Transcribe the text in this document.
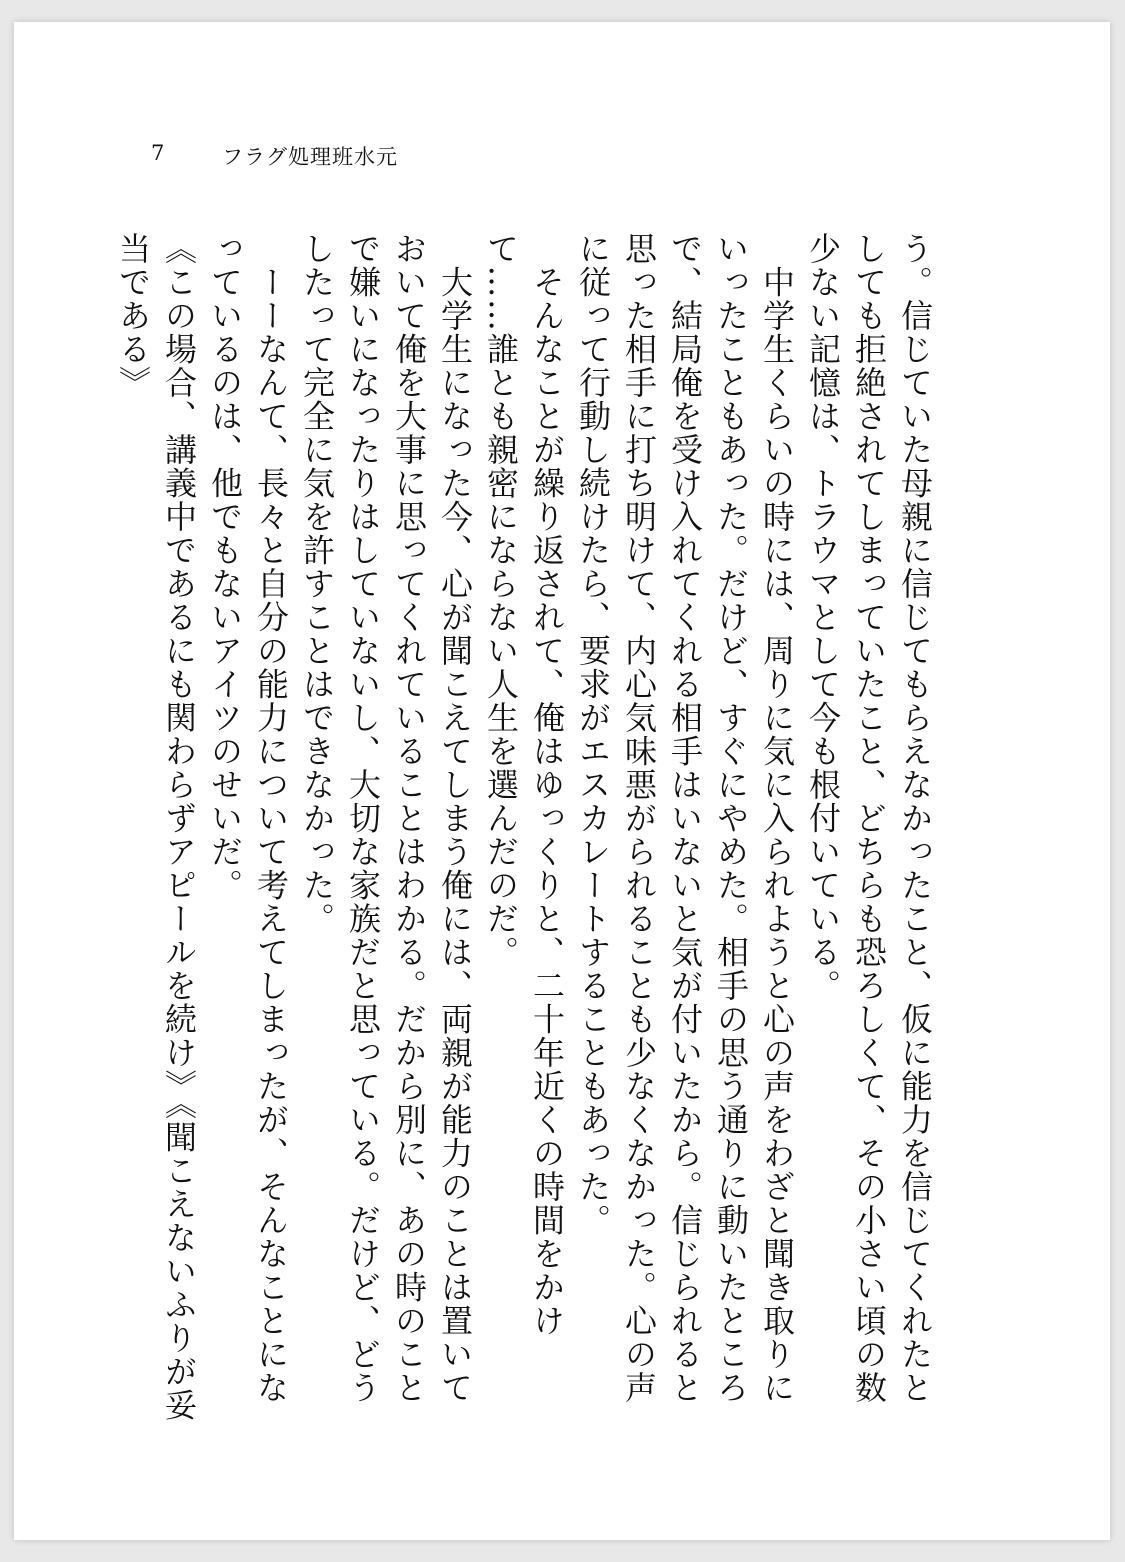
7	フラグ処理班水元

う。信じていた母親に信じてもらえなかったこと、仮に能力を信じてくれたとしても拒絶されてしまっていたこと、どちらも恐ろしくて、その小さい頃の数少ない記憶は、トラウマとして今も根付いている。

　中学生くらいの時には、周りに気に入られようと心の声をわざと聞き取りにいったこともあった。だけど、すぐにやめた。相手の思う通りに動いたところで、結局俺を受け入れてくれる相手はいないと気が付いたから。信じられると思った相手に打ち明けて、内心気味悪がられることも少なくなかった。心の声に従って行動し続けたら、要求がエスカレートすることもあった。

　そんなことが繰り返されて、俺はゆっくりと、二十年近くの時間をかけて……誰とも親密にならない人生を選んだのだ。

　大学生になった今、心が聞こえてしまう俺には、両親が能力のことは置いておいて俺を大事に思ってくれていることはわかる。だから別に、あの時のことで嫌いになったりはしていないし、大切な家族だと思っている。だけど、どうしたって完全に気を許すことはできなかった。

　ーーなんて、長々と自分の能力について考えてしまったが、そんなことになっているのは、他でもないアイツのせいだ。

《この場合、講義中であるにも関わらずアピールを続け》《聞こえないふりが妥当である》
